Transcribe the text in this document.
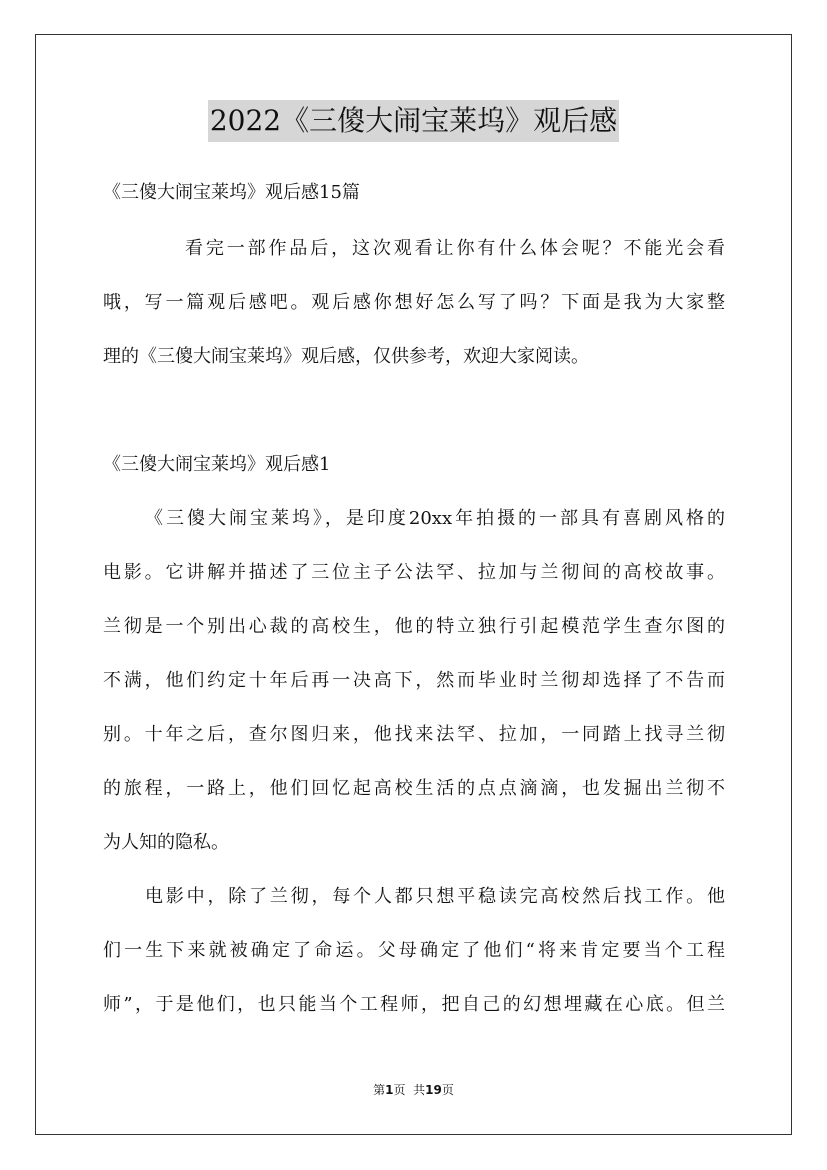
2022《三傻大闹宝莱坞》观后感
《三傻大闹宝莱坞》观后感15篇
看完一部作品后，这次观看让你有什么体会呢？不能光会看
哦，写一篇观后感吧。观后感你想好怎么写了吗？下面是我为大家整
理的《三傻大闹宝莱坞》观后感，仅供参考，欢迎大家阅读。
《三傻大闹宝莱坞》观后感1
《三傻大闹宝莱坞》，是印度20xx年拍摄的一部具有喜剧风格的
电影。它讲解并描述了三位主子公法罕、拉加与兰彻间的高校故事。
兰彻是一个别出心裁的高校生，他的特立独行引起模范学生查尔图的
不满，他们约定十年后再一决高下，然而毕业时兰彻却选择了不告而
别。十年之后，查尔图归来，他找来法罕、拉加，一同踏上找寻兰彻
的旅程，一路上，他们回忆起高校生活的点点滴滴，也发掘出兰彻不
为人知的隐私。
电影中，除了兰彻，每个人都只想平稳读完高校然后找工作。他
们一生下来就被确定了命运。父母确定了他们“将来肯定要当个工程
师”，于是他们，也只能当个工程师，把自己的幻想埋藏在心底。但兰
第1页 共19页
